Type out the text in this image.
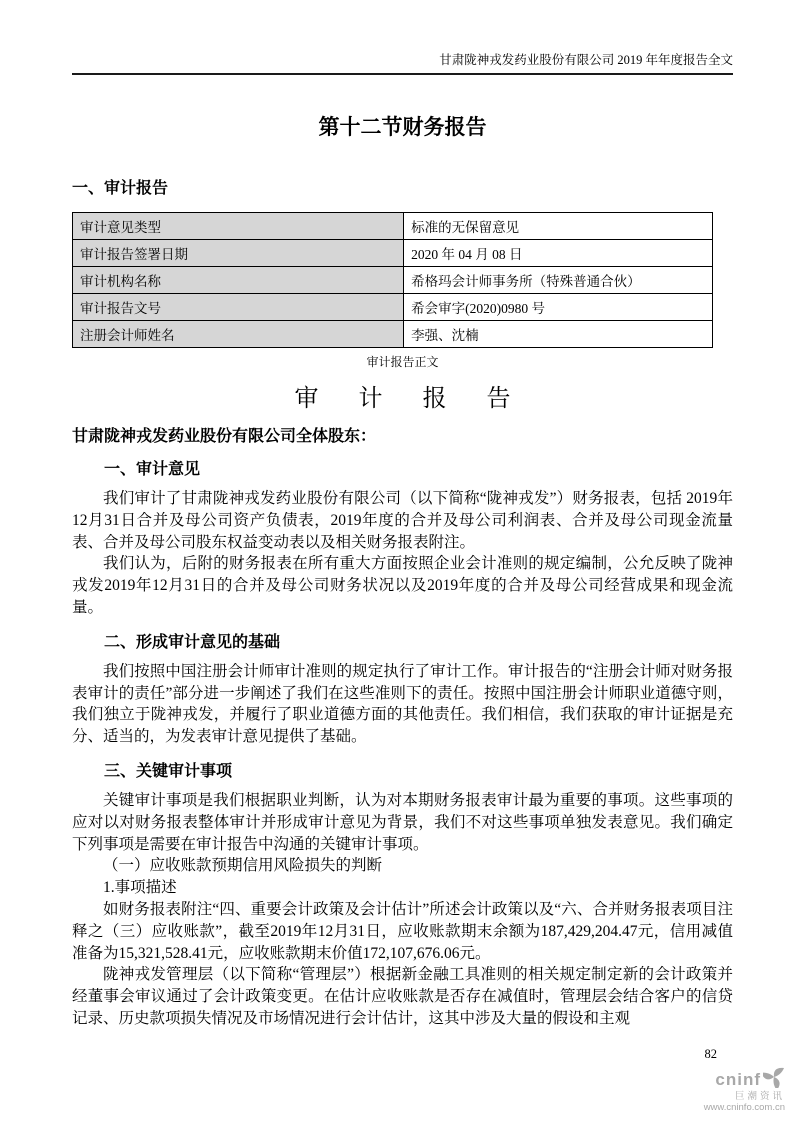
甘肃陇神戎发药业股份有限公司 2019 年年度报告全文
第十二节财务报告
一、审计报告
审计意见类型	标准的无保留意见
审计报告签署日期	2020 年 04 月 08 日
审计机构名称	希格玛会计师事务所（特殊普通合伙）
审计报告文号	希会审字(2020)0980 号
注册会计师姓名	李强、沈楠
审计报告正文
审 计 报 告
甘肃陇神戎发药业股份有限公司全体股东：
一、审计意见

我们审计了甘肃陇神戎发药业股份有限公司（以下简称“陇神戎发”）财务报表，包括 2019年12月31日合并及母公司资产负债表，2019年度的合并及母公司利润表、合并及母公司现金流量表、合并及母公司股东权益变动表以及相关财务报表附注。

我们认为，后附的财务报表在所有重大方面按照企业会计准则的规定编制，公允反映了陇神戎发2019年12月31日的合并及母公司财务状况以及2019年度的合并及母公司经营成果和现金流量。

二、形成审计意见的基础

我们按照中国注册会计师审计准则的规定执行了审计工作。审计报告的“注册会计师对财务报表审计的责任”部分进一步阐述了我们在这些准则下的责任。按照中国注册会计师职业道德守则，我们独立于陇神戎发，并履行了职业道德方面的其他责任。我们相信，我们获取的审计证据是充分、适当的，为发表审计意见提供了基础。

三、关键审计事项

关键审计事项是我们根据职业判断，认为对本期财务报表审计最为重要的事项。这些事项的应对以对财务报表整体审计并形成审计意见为背景，我们不对这些事项单独发表意见。我们确定下列事项是需要在审计报告中沟通的关键审计事项。

（一）应收账款预期信用风险损失的判断
1.事项描述

如财务报表附注“四、重要会计政策及会计估计”所述会计政策以及“六、合并财务报表项目注释之（三）应收账款”，截至2019年12月31日，应收账款期末余额为187,429,204.47元，信用减值准备为15,321,528.41元，应收账款期末价值172,107,676.06元。

陇神戎发管理层（以下简称“管理层”）根据新金融工具准则的相关规定制定新的会计政策并经董事会审议通过了会计政策变更。在估计应收账款是否存在减值时，管理层会结合客户的信贷记录、历史款项损失情况及市场情况进行会计估计，这其中涉及大量的假设和主观

82
cninf
巨潮资讯
www.cninfo.com.cn
